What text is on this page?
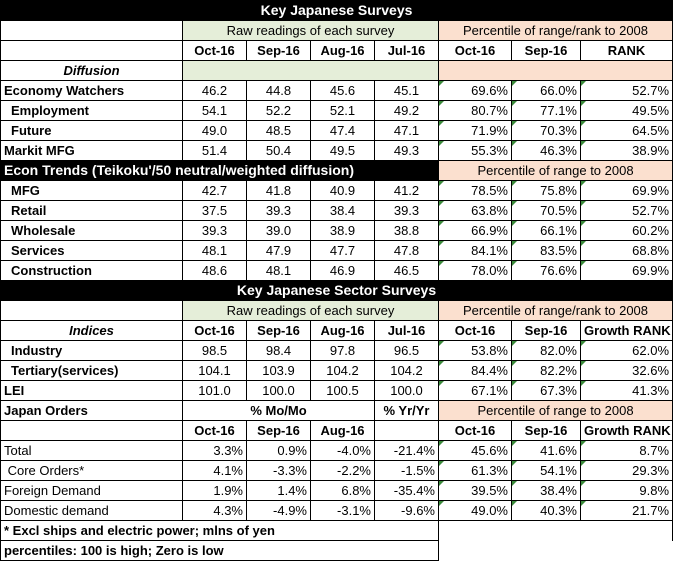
Key Japanese Surveys							
	Raw readings of each survey				Percentile of range/rank to 2008		
	Oct-16	Sep-16	Aug-16	Jul-16	Oct-16	Sep-16	RANK
Diffusion							
Economy Watchers	46.2	44.8	45.6	45.1	69.6%	66.0%	52.7%
Employment	54.1	52.2	52.1	49.2	80.7%	77.1%	49.5%
Future	49.0	48.5	47.4	47.1	71.9%	70.3%	64.5%
Markit MFG	51.4	50.4	49.5	49.3	55.3%	46.3%	38.9%
Econ Trends (Teikoku'/50 neutral/weighted diffusion)					Percentile of range to 2008		
MFG	42.7	41.8	40.9	41.2	78.5%	75.8%	69.9%
Retail	37.5	39.3	38.4	39.3	63.8%	70.5%	52.7%
Wholesale	39.3	39.0	38.9	38.8	66.9%	66.1%	60.2%
Services	48.1	47.9	47.7	47.8	84.1%	83.5%	68.8%
Construction	48.6	48.1	46.9	46.5	78.0%	76.6%	69.9%
Key Japanese Sector Surveys							
	Raw readings of each survey				Percentile of range/rank to 2008		
Indices	Oct-16	Sep-16	Aug-16	Jul-16	Oct-16	Sep-16	Growth RANK
Industry	98.5	98.4	97.8	96.5	53.8%	82.0%	62.0%
Tertiary(services)	104.1	103.9	104.2	104.2	84.4%	82.2%	32.6%
LEI	101.0	100.0	100.5	100.0	67.1%	67.3%	41.3%
Japan Orders	% Mo/Mo			% Yr/Yr	Percentile of range to 2008		
	Oct-16	Sep-16	Aug-16		Oct-16	Sep-16	Growth RANK
Total	3.3%	0.9%	-4.0%	-21.4%	45.6%	41.6%	8.7%
Core Orders*	4.1%	-3.3%	-2.2%	-1.5%	61.3%	54.1%	29.3%
Foreign Demand	1.9%	1.4%	6.8%	-35.4%	39.5%	38.4%	9.8%
Domestic demand	4.3%	-4.9%	-3.1%	-9.6%	49.0%	40.3%	21.7%
* Excl ships and electric power; mlns of yen							
percentiles: 100 is high; Zero is low							
